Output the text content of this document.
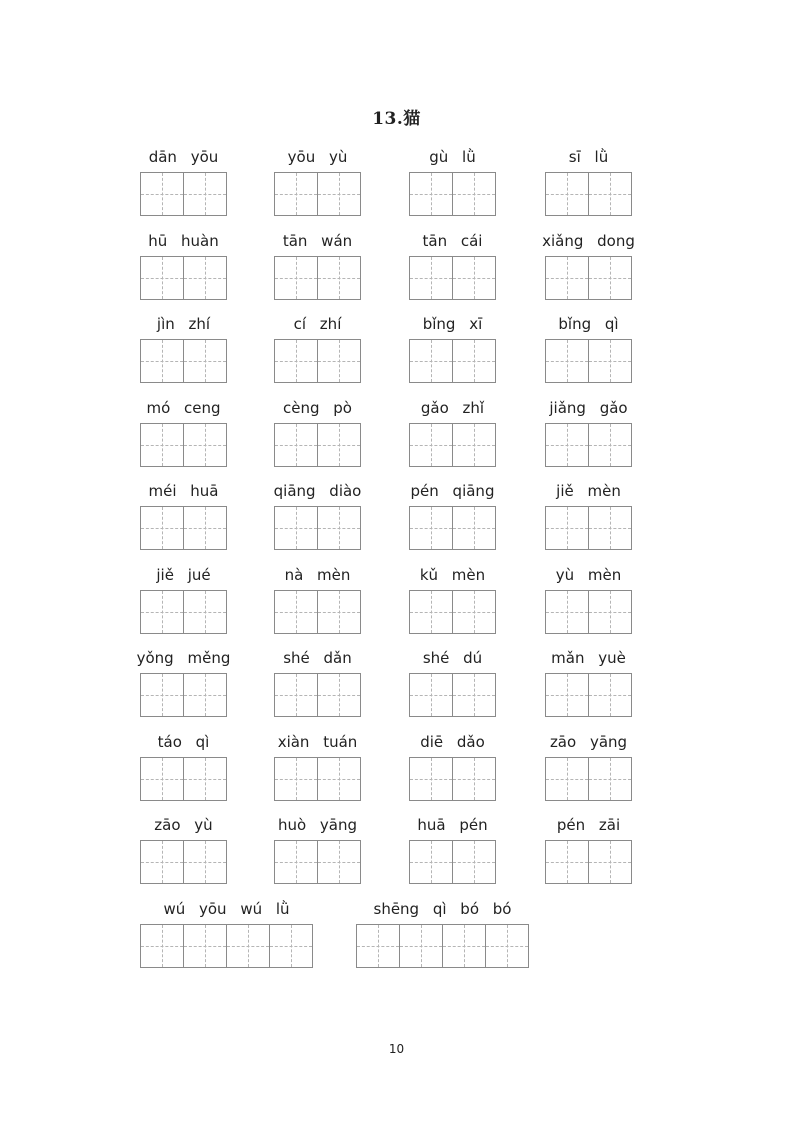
13.猫
dān yōu	yōu yù	gù lǜ	sī lǜ
hū huàn	tān wán	tān cái	xiǎng dong
jìn zhí	cí zhí	bǐng xī	bǐng qì
mó ceng	cèng pò	gǎo zhǐ	jiǎng gǎo
méi huā	qiāng diào	pén qiāng	jiě mèn
jiě jué	nà mèn	kǔ mèn	yù mèn
yǒng měng	shé dǎn	shé dú	mǎn yuè
táo qì	xiàn tuán	diē dǎo	zāo yāng
zāo yù	huò yāng	huā pén	pén zāi
wú yōu wú lǜ	shēng qì bó bó
10
